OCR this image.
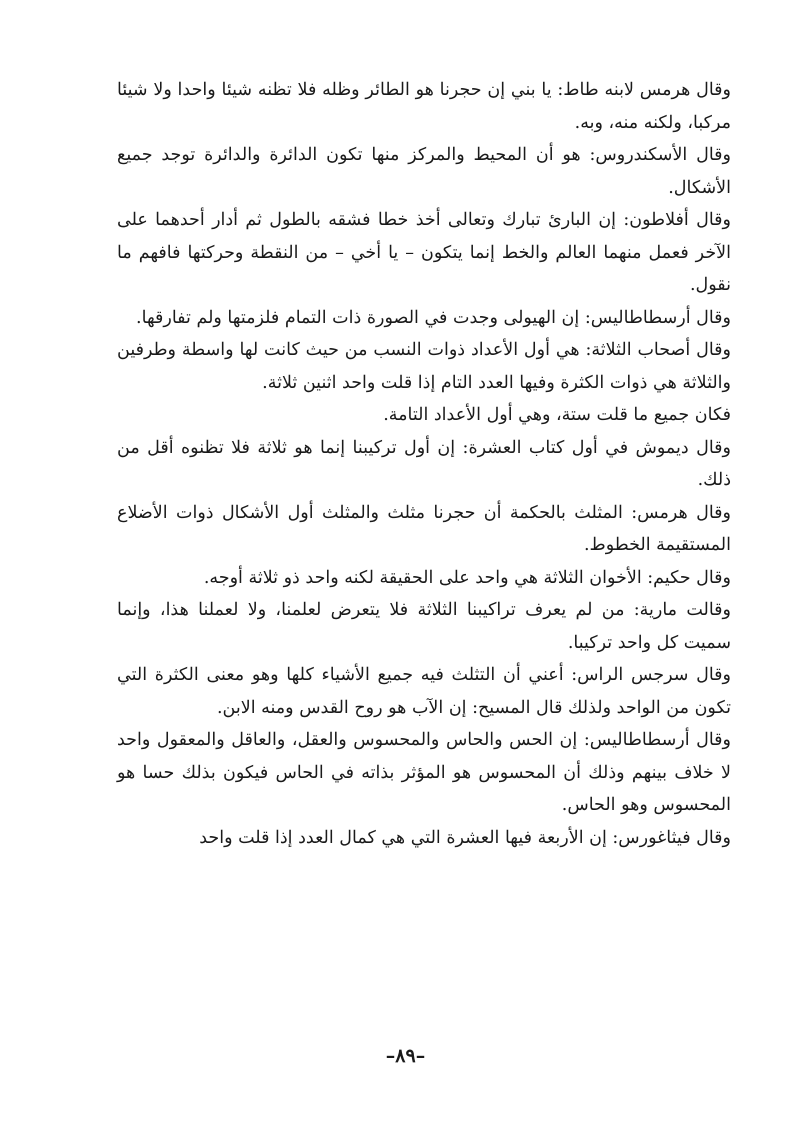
وقال هرمس لابنه طاط: يا بني إن حجرنا هو الطائر وظله فلا تظنه شيئا واحدا ولا شيئا مركبا، ولكنه منه، وبه.

وقال الأسكندروس: هو أن المحيط والمركز منها تكون الدائرة والدائرة توجد جميع الأشكال.

وقال أفلاطون: إن البارئ تبارك وتعالى أخذ خطا فشقه بالطول ثم أدار أحدهما على الآخر فعمل منهما العالم والخط إنما يتكون – يا أخي – من النقطة وحركتها فافهم ما نقول.

وقال أرسطاطاليس: إن الهيولى وجدت في الصورة ذات التمام فلزمتها ولم تفارقها.

وقال أصحاب الثلاثة: هي أول الأعداد ذوات النسب من حيث كانت لها واسطة وطرفين والثلاثة هي ذوات الكثرة وفيها العدد التام إذا قلت واحد اثنين ثلاثة.

فكان جميع ما قلت ستة، وهي أول الأعداد التامة.

وقال ديموش في أول كتاب العشرة: إن أول تركيبنا إنما هو ثلاثة فلا تظنوه أقل من ذلك.

وقال هرمس: المثلث بالحكمة أن حجرنا مثلث والمثلث أول الأشكال ذوات الأضلاع المستقيمة الخطوط.

وقال حكيم: الأخوان الثلاثة هي واحد على الحقيقة لكنه واحد ذو ثلاثة أوجه.

وقالت مارية: من لم يعرف تراكيبنا الثلاثة فلا يتعرض لعلمنا، ولا لعملنا هذا، وإنما سميت كل واحد تركيبا.

وقال سرجس الراس: أعني أن التثلث فيه جميع الأشياء كلها وهو معنى الكثرة التي تكون من الواحد ولذلك قال المسيح: إن الآب هو روح القدس ومنه الابن.

وقال أرسطاطاليس: إن الحس والحاس والمحسوس والعقل، والعاقل والمعقول واحد لا خلاف بينهم وذلك أن المحسوس هو المؤثر بذاته في الحاس فيكون بذلك حسا هو المحسوس وهو الحاس.

وقال فيثاغورس: إن الأربعة فيها العشرة التي هي كمال العدد إذا قلت واحد

–٨٩–
